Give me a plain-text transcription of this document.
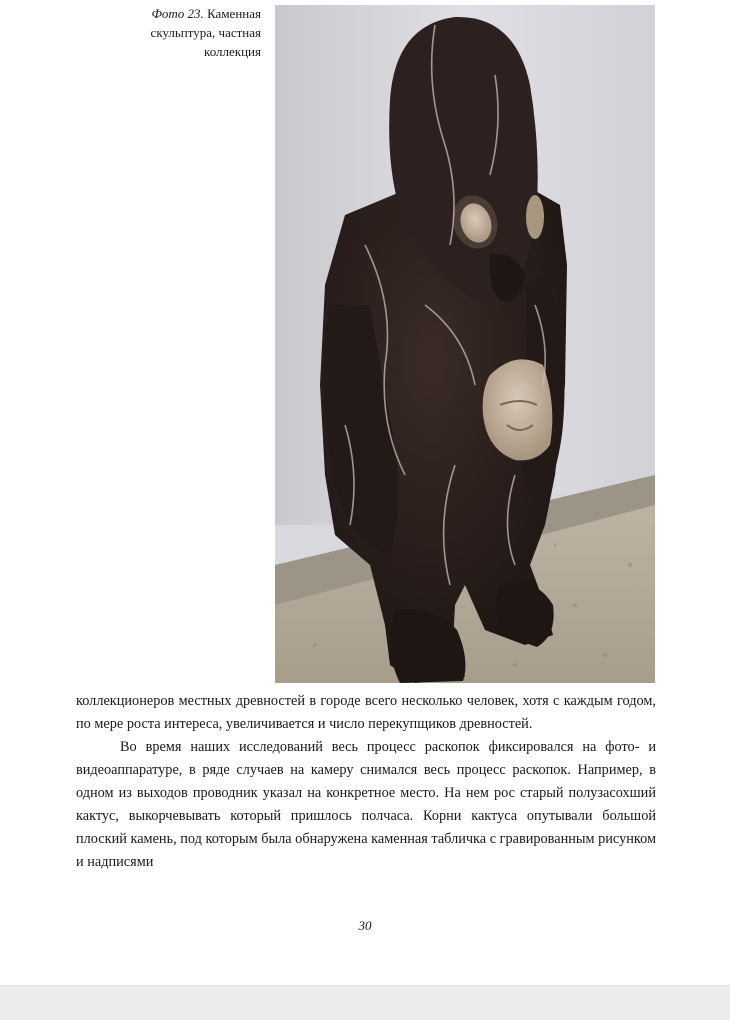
Фото 23. Каменная скульптура, частная коллекция

коллекционеров местных древностей в городе всего несколько человек, хотя с каждым годом, по мере роста интереса, увеличивается и число перекупщиков древностей.

Во время наших исследований весь процесс раскопок фиксировался на фото- и видеоаппаратуре, в ряде случаев на камеру снимался весь процесс раскопок. Например, в одном из выходов проводник указал на конкретное место. На нем рос старый полузасохший кактус, выкорчевывать который пришлось полчаса. Корни кактуса опутывали большой плоский камень, под которым была обнаружена каменная табличка с гравированным рисунком и надписями

30
